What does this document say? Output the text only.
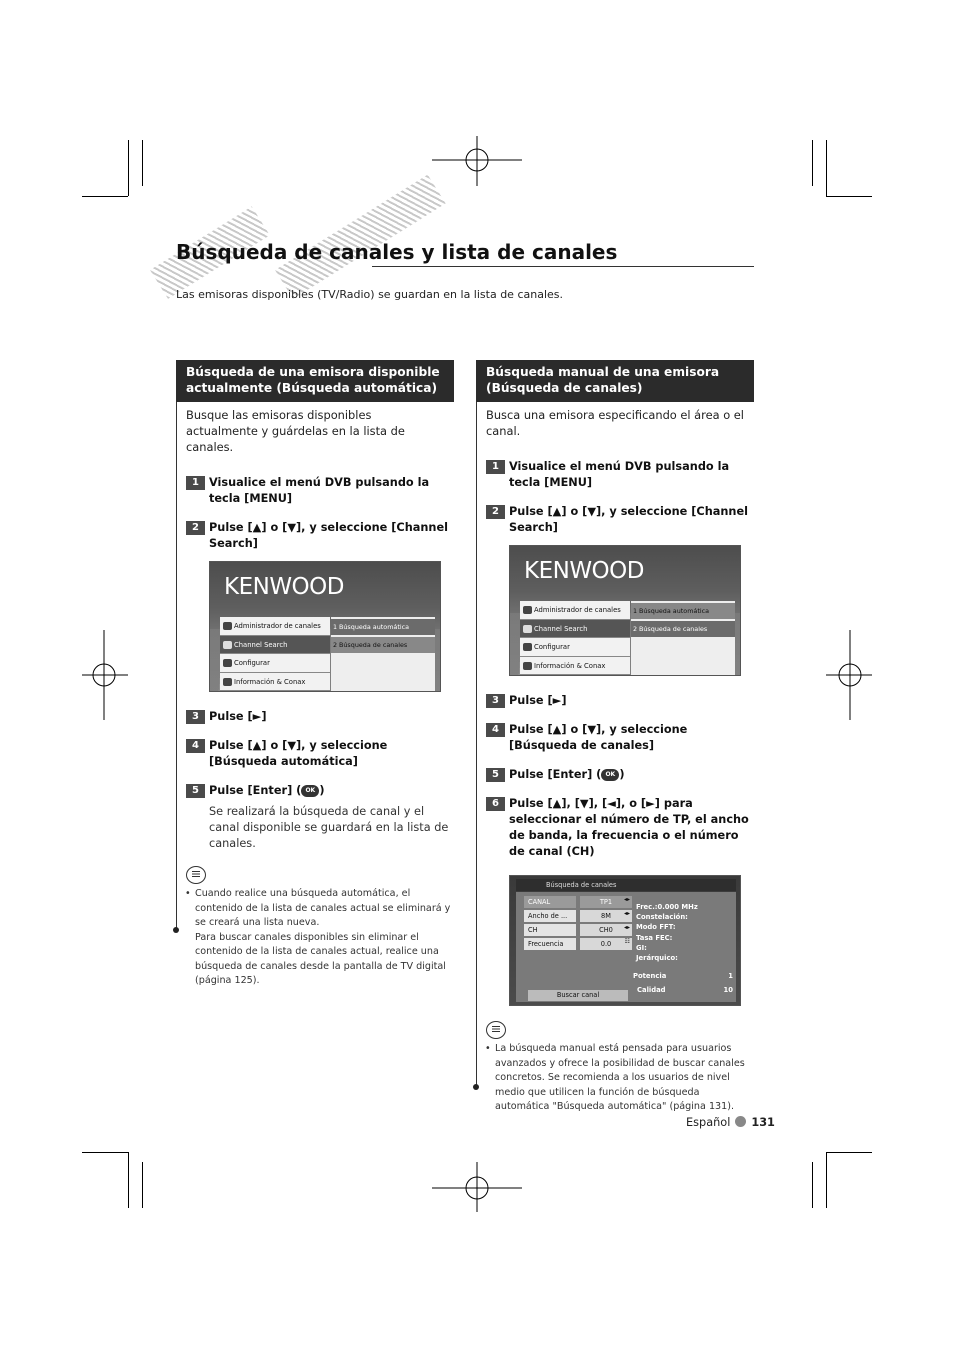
Búsqueda de canales y lista de canales
Las emisoras disponibles (TV/Radio) se guardan en la lista de canales.
Búsqueda de una emisora disponible actualmente (Búsqueda automática)
Busque las emisoras disponibles actualmente y guárdelas en la lista de canales.
1 Visualice el menú DVB pulsando la tecla [MENU]
2 Pulse [▲] o [▼], y seleccione [Channel Search]
KENWOOD
Administrador de canales
Channel Search
Configurar
Información & Conax
1 Búsqueda automática
2 Búsqueda de canales
3 Pulse [►]
4 Pulse [▲] o [▼], y seleccione [Búsqueda automática]
5 Pulse [Enter] ( OK )
Se realizará la búsqueda de canal y el canal disponible se guardará en la lista de canales.
• Cuando realice una búsqueda automática, el contenido de la lista de canales actual se eliminará y se creará una lista nueva.
Para buscar canales disponibles sin eliminar el contenido de la lista de canales actual, realice una búsqueda de canales desde la pantalla de TV digital (página 125).
Búsqueda manual de una emisora (Búsqueda de canales)
Busca una emisora especificando el área o el canal.
1 Visualice el menú DVB pulsando la tecla [MENU]
2 Pulse [▲] o [▼], y seleccione [Channel Search]
KENWOOD
Administrador de canales
Channel Search
Configurar
Información & Conax
1 Búsqueda automática
2 Búsqueda de canales
3 Pulse [►]
4 Pulse [▲] o [▼], y seleccione [Búsqueda de canales]
5 Pulse [Enter] ( OK )
6 Pulse [▲], [▼], [◄], o [►] para seleccionar el número de TP, el ancho de banda, la frecuencia o el número de canal (CH)
Búsqueda de canales
CANAL	TP1	◂▸
Ancho de ...	8M	◂▸
CH	CH0	◂▸
Frecuencia	0.0	☷
Frec.:0.000 MHz
Constelación:
Modo FFT:
Tasa FEC:
GI:
Jerárquico:
Buscar canal
Potencia	1
Calidad	10
• La búsqueda manual está pensada para usuarios avanzados y ofrece la posibilidad de buscar canales concretos. Se recomienda a los usuarios de nivel medio que utilicen la función de búsqueda automática "Búsqueda automática" (página 131).
Español 131
